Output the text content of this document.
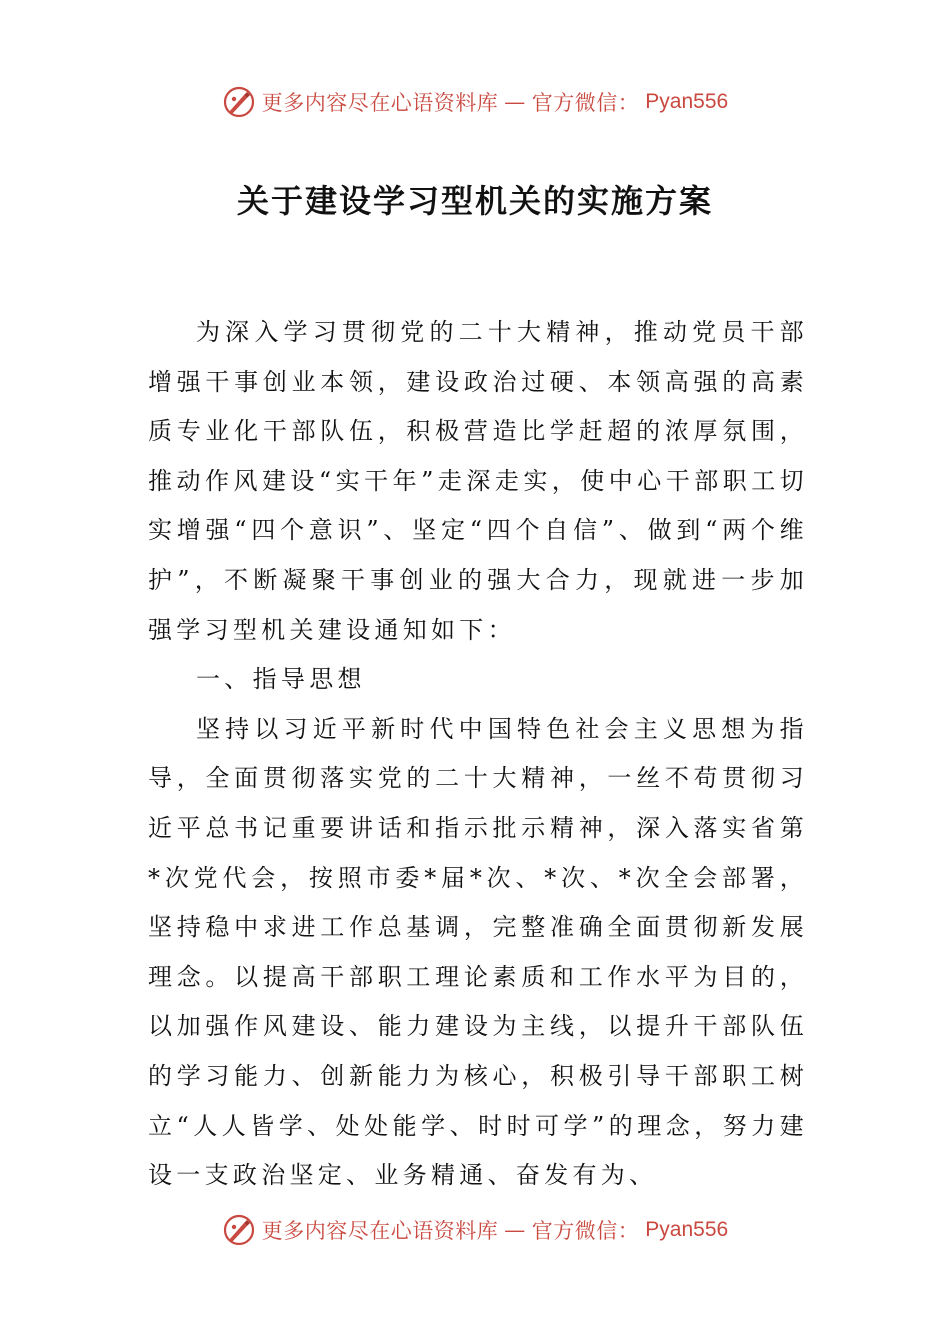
更多内容尽在心语资料库 — 官方微信： Pyan556
关于建设学习型机关的实施方案

为深入学习贯彻党的二十大精神，推动党员干部增强干事创业本领，建设政治过硬、本领高强的高素质专业化干部队伍，积极营造比学赶超的浓厚氛围，推动作风建设“实干年”走深走实，使中心干部职工切实增强“四个意识”、坚定“四个自信”、做到“两个维护”，不断凝聚干事创业的强大合力，现就进一步加强学习型机关建设通知如下：

一、指导思想

坚持以习近平新时代中国特色社会主义思想为指导，全面贯彻落实党的二十大精神，一丝不苟贯彻习近平总书记重要讲话和指示批示精神，深入落实省第*次党代会，按照市委*届*次、*次、*次全会部署，坚持稳中求进工作总基调，完整准确全面贯彻新发展理念。以提高干部职工理论素质和工作水平为目的，以加强作风建设、能力建设为主线，以提升干部队伍的学习能力、创新能力为核心，积极引导干部职工树立“人人皆学、处处能学、时时可学”的理念，努力建设一支政治坚定、业务精通、奋发有为、

更多内容尽在心语资料库 — 官方微信： Pyan556
